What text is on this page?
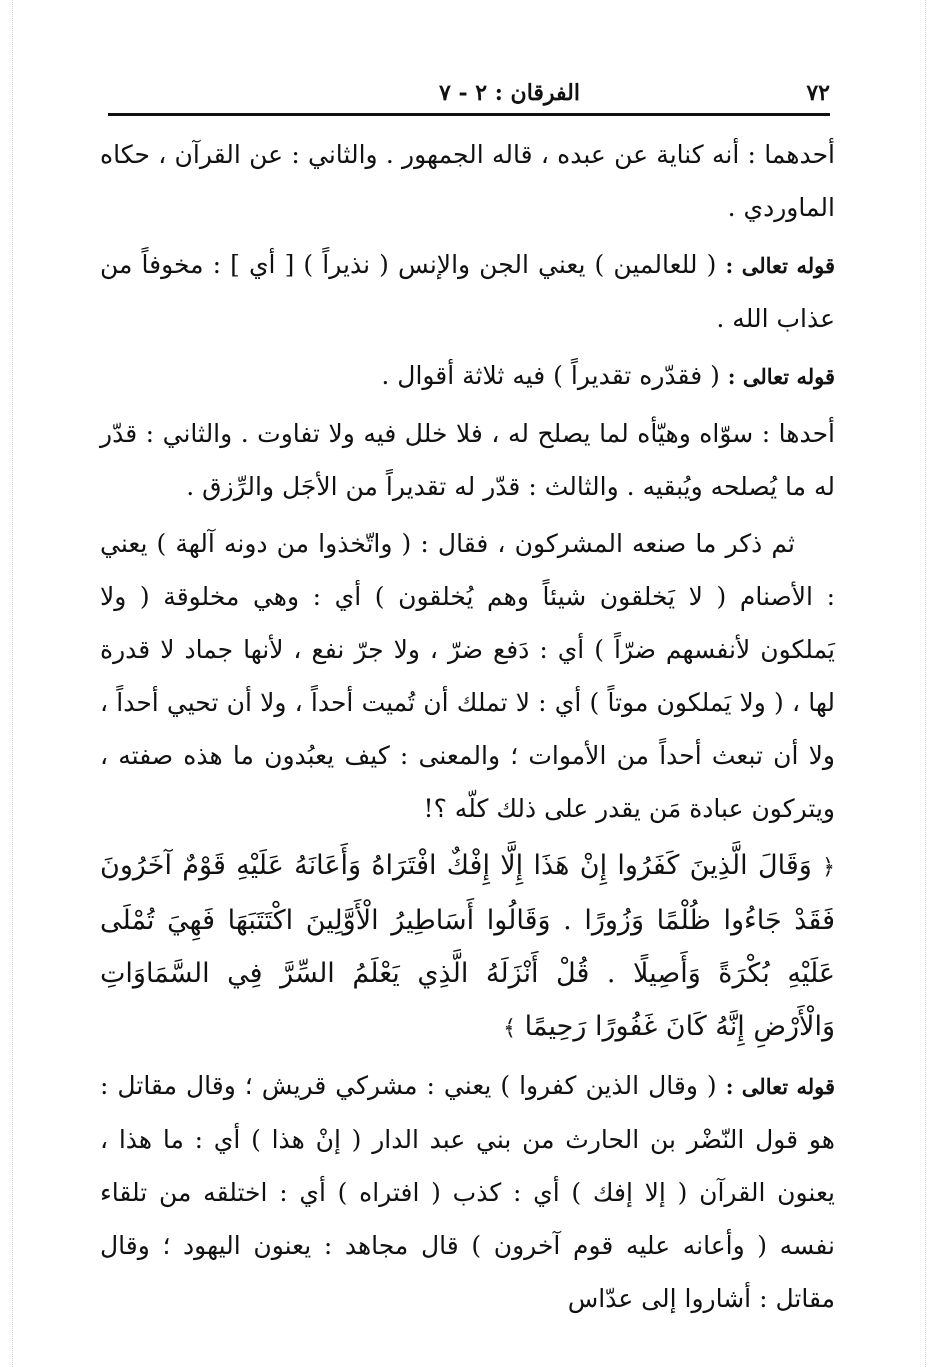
٧٢
الفرقان : ٢ - ٧

أحدهما : أنه كناية عن عبده ، قاله الجمهور . والثاني : عن القرآن ، حكاه الماوردي .

قوله تعالى : ( للعالمين ) يعني الجن والإنس ( نذيراً ) [ أي ] : مخوفاً من عذاب الله .

قوله تعالى : ( فقدّره تقديراً ) فيه ثلاثة أقوال .

أحدها : سوّاه وهيّأه لما يصلح له ، فلا خلل فيه ولا تفاوت . والثاني : قدّر له ما يُصلحه ويُبقيه . والثالث : قدّر له تقديراً من الأجَل والرِّزق .

ثم ذكر ما صنعه المشركون ، فقال : ( واتّخذوا من دونه آلهة ) يعني : الأصنام ( لا يَخلقون شيئاً وهم يُخلقون ) أي : وهي مخلوقة ( ولا يَملكون لأنفسهم ضرّاً ) أي : دَفع ضرّ ، ولا جرّ نفع ، لأنها جماد لا قدرة لها ، ( ولا يَملكون موتاً ) أي : لا تملك أن تُميت أحداً ، ولا أن تحيي أحداً ، ولا أن تبعث أحداً من الأموات ؛ والمعنى : كيف يعبُدون ما هذه صفته ، ويتركون عبادة مَن يقدر على ذلك كلّه ؟!

﴿ وَقَالَ الَّذِينَ كَفَرُوا إِنْ هَذَا إِلَّا إِفْكٌ افْتَرَاهُ وَأَعَانَهُ عَلَيْهِ قَوْمٌ آخَرُونَ فَقَدْ جَاءُوا ظُلْمًا وَزُورًا . وَقَالُوا أَسَاطِيرُ الْأَوَّلِينَ اكْتَتَبَهَا فَهِيَ تُمْلَى عَلَيْهِ بُكْرَةً وَأَصِيلًا . قُلْ أَنْزَلَهُ الَّذِي يَعْلَمُ السِّرَّ فِي السَّمَاوَاتِ وَالْأَرْضِ إِنَّهُ كَانَ غَفُورًا رَحِيمًا ﴾

قوله تعالى : ( وقال الذين كفروا ) يعني : مشركي قريش ؛ وقال مقاتل : هو قول النّضْر بن الحارث من بني عبد الدار ( إنْ هذا ) أي : ما هذا ، يعنون القرآن ( إلا إفك ) أي : كذب ( افتراه ) أي : اختلقه من تلقاء نفسه ( وأعانه عليه قوم آخرون ) قال مجاهد : يعنون اليهود ؛ وقال مقاتل : أشاروا إلى عدّاس
